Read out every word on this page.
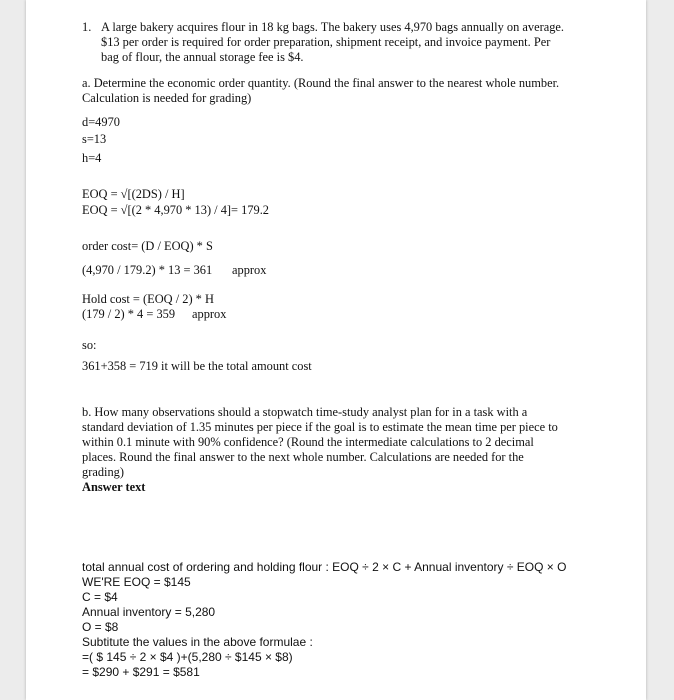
1. A large bakery acquires flour in 18 kg bags. The bakery uses 4,970 bags annually on average.
$13 per order is required for order preparation, shipment receipt, and invoice payment. Per
bag of flour, the annual storage fee is $4.
a. Determine the economic order quantity. (Round the final answer to the nearest whole number.
Calculation is needed for grading)
d=4970
s=13
h=4
EOQ = √[(2DS) / H]
EOQ = √[(2 * 4,970 * 13) / 4]= 179.2
order cost= (D / EOQ) * S
(4,970 / 179.2) * 13 = 361 approx
Hold cost = (EOQ / 2) * H
(179 / 2) * 4 = 359 approx
so:
361+358 = 719 it will be the total amount cost
b. How many observations should a stopwatch time-study analyst plan for in a task with a
standard deviation of 1.35 minutes per piece if the goal is to estimate the mean time per piece to
within 0.1 minute with 90% confidence? (Round the intermediate calculations to 2 decimal
places. Round the final answer to the next whole number. Calculations are needed for the
grading)
Answer text
total annual cost of ordering and holding flour : EOQ ÷ 2 × C + Annual inventory ÷ EOQ × O
WE'RE EOQ = $145
C = $4
Annual inventory = 5,280
O = $8
Subtitute the values in the above formulae :
=( $ 145 ÷ 2 × $4 )+(5,280 ÷ $145 × $8)
= $290 + $291 = $581
